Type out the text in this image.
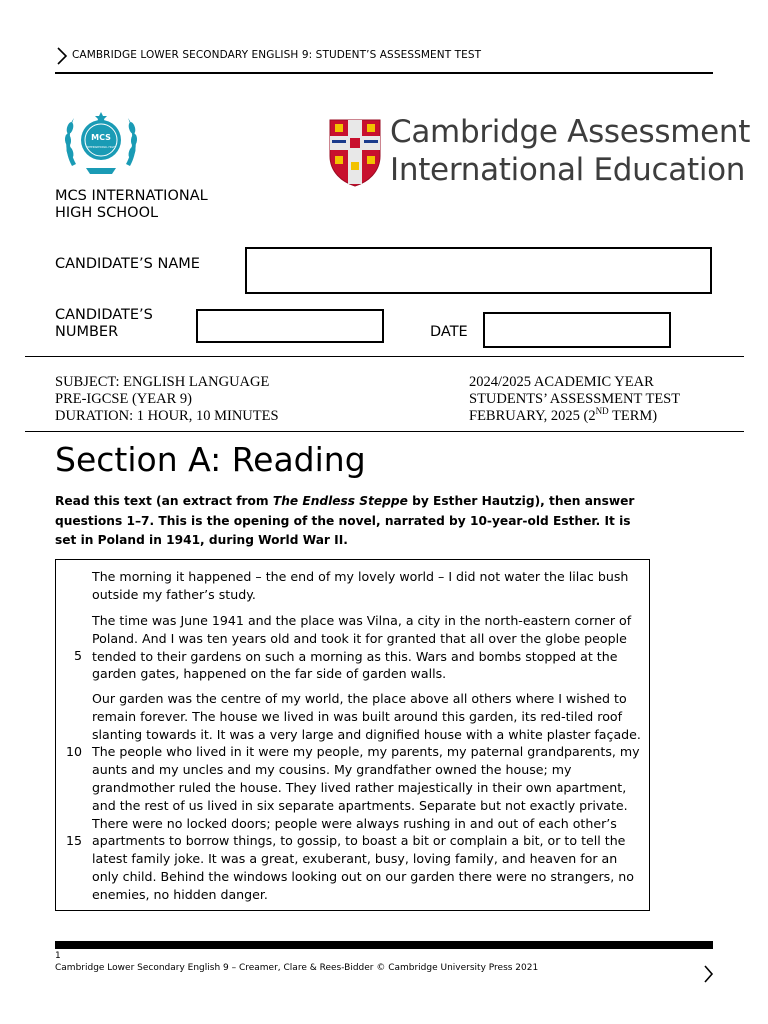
CAMBRIDGE LOWER SECONDARY ENGLISH 9: STUDENT’S ASSESSMENT TEST
MCS
INTERNATIONAL HIGH
MCS INTERNATIONAL
HIGH SCHOOL
Cambridge Assessment
International Education
CANDIDATE’S NAME
CANDIDATE’S
NUMBER	DATE
SUBJECT: ENGLISH LANGUAGE
PRE-IGCSE (YEAR 9)
DURATION: 1 HOUR, 10 MINUTES
2024/2025 ACADEMIC YEAR
STUDENTS’ ASSESSMENT TEST
FEBRUARY, 2025 (2ND TERM)
Section A: Reading
Read this text (an extract from The Endless Steppe by Esther Hautzig), then answer questions 1–7. This is the opening of the novel, narrated by 10-year-old Esther. It is set in Poland in 1941, during World War II.
The morning it happened – the end of my lovely world – I did not water the lilac bush outside my father’s study.
The time was June 1941 and the place was Vilna, a city in the north-eastern corner of Poland. And I was ten years old and took it for granted that all over the globe people tended to their gardens on such a morning as this. Wars and bombs stopped at the garden gates, happened on the far side of garden walls.
Our garden was the centre of my world, the place above all others where I wished to remain forever. The house we lived in was built around this garden, its red-tiled roof slanting towards it. It was a very large and dignified house with a white plaster façade. The people who lived in it were my people, my parents, my paternal grandparents, my aunts and my uncles and my cousins. My grandfather owned the house; my grandmother ruled the house. They lived rather majestically in their own apartment, and the rest of us lived in six separate apartments. Separate but not exactly private. There were no locked doors; people were always rushing in and out of each other’s apartments to borrow things, to gossip, to boast a bit or complain a bit, or to tell the latest family joke. It was a great, exuberant, busy, loving family, and heaven for an only child. Behind the windows looking out on our garden there were no strangers, no enemies, no hidden danger.
5
10
15
1
Cambridge Lower Secondary English 9 – Creamer, Clare & Rees-Bidder © Cambridge University Press 2021
